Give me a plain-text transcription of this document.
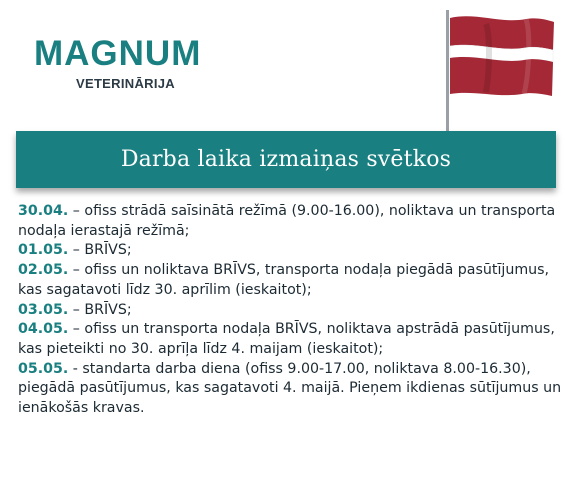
MAGNUM
VETERINĀRIJA
Darba laika izmaiņas svētkos

30.04. – ofiss strādā saīsinātā režīmā (9.00-16.00), noliktava un transporta nodaļa ierastajā režīmā;

01.05. – BRĪVS;

02.05. – ofiss un noliktava BRĪVS, transporta nodaļa piegādā pasūtījumus, kas sagatavoti līdz 30. aprīlim (ieskaitot);

03.05. – BRĪVS;

04.05. – ofiss un transporta nodaļa BRĪVS, noliktava apstrādā pasūtījumus, kas pieteikti no 30. aprīļa līdz 4. maijam (ieskaitot);

05.05. - standarta darba diena (ofiss 9.00-17.00, noliktava 8.00-16.30), piegādā pasūtījumus, kas sagatavoti 4. maijā. Pieņem ikdienas sūtījumus un ienākošās kravas.
